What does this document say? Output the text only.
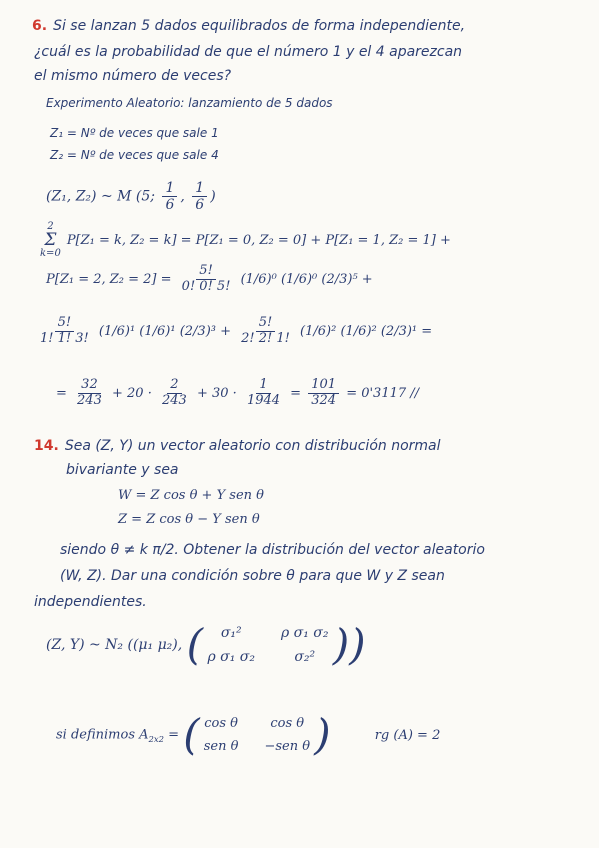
6. Si se lanzan 5 dados equilibrados de forma independiente,
¿cuál es la probabilidad de que el número 1 y el 4 aparezcan
el mismo número de veces?
Experimento Aleatorio: lanzamiento de 5 dados
Z₁ = Nº de veces que sale 1
Z₂ = Nº de veces que sale 4
(Z₁, Z₂) ~ M (5; $\frac{1}{6}$ , $\frac{1}{6}$ )
2
Σ
k=0
P[Z₁ = k, Z₂ = k] = P[Z₁ = 0, Z₂ = 0] + P[Z₁ = 1, Z₂ = 1] +
P[Z₁ = 2, $Z_2 = 2] = \frac{5!}{0! 0! 5!} (1/6)^0$ (1/6)⁰ (2/3)⁵ +
$\frac{5!}{1! 1! 3!} (1/6)^1$ (1/6)¹ $(2/3)^3 + \frac{5!}{2! 2! 1!} (1/6)^2$ (1/6)² (2/3)¹ =
= $\frac{32}{243} + 20 \cdot \frac{2}{243} + 30 \cdot \frac{1}{1944} = \frac{101}{324} = 0'3117$ //
14. Sea (Z, Y) un vector aleatorio con distribución normal
bivariante y sea
W = Z cos θ + Y sen θ
Z = Z cos θ − Y sen θ
siendo θ ≠ k π/2. Obtener la distribución del vector aleatorio
(W, Z). Dar una condición sobre θ para que W y Z sean
independientes.
(Z, Y) ~ N₂ ((μ₁ μ₂), (	σ₁²	ρ σ₁ σ₂
ρ σ₁ σ₂	σ₂² ))
si definimos $A_{2x2}$ = ( cos θ	cos θ
sen θ −sen θ )	rg (A) = 2
